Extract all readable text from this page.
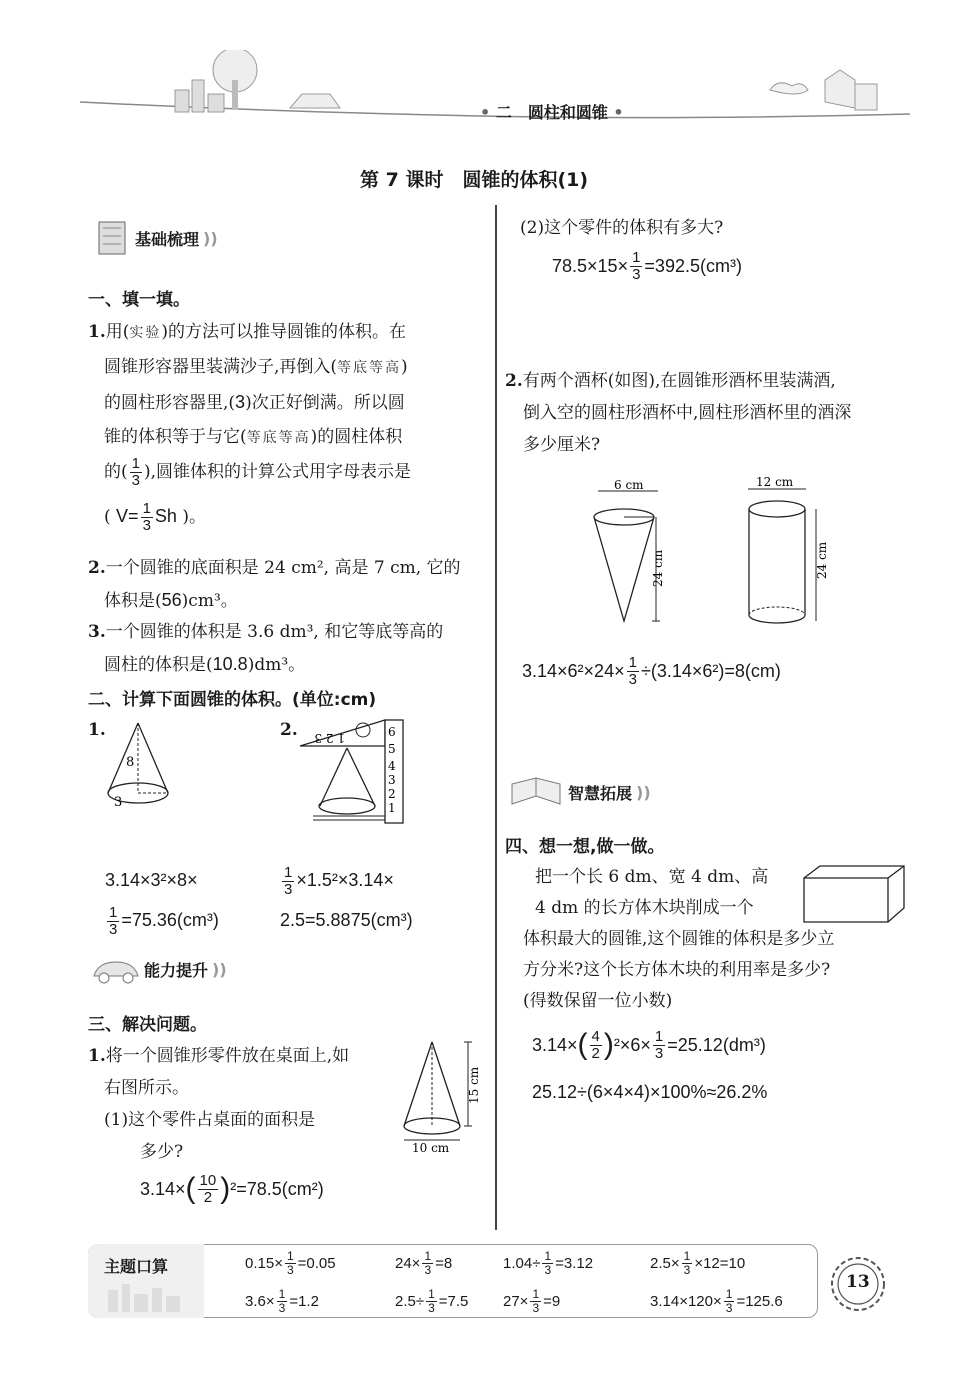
• 二　圆柱和圆锥 •
第 7 课时　圆锥的体积(1)
基础梳理 ))
一、填一填。
1.用(实验)的方法可以推导圆锥的体积。在
圆锥形容器里装满沙子,再倒入(等底等高)
的圆柱形容器里,(3)次正好倒满。所以圆
锥的体积等于与它(等底等高)的圆柱体积
的( $\frac{1}{3}$ ),圆锥体积的计算公式用字母表示是
( $V= \frac{1}{3}$ Sh )。
2.一个圆锥的底面积是 24 cm², 高是 7 cm, 它的
体积是(56)cm³。
3.一个圆锥的体积是 3.6 dm³, 和它等底等高的
圆柱的体积是(10.8)dm³。
二、计算下面圆锥的体积。(单位:cm)
1.
8
3
2. 1 2 3	6
5
4
3
2
1
3.14×3²×8×
$\frac{1}{3} =75.36(cm^3)$
$\frac{1}{3} \times 1.5^2\times 3.14\times$
2.5=5.8875(cm³)
能力提升 ))
三、解决问题。
1.将一个圆锥形零件放在桌面上,如
右图所示。
(1)这个零件占桌面的面积是
多少?
15 cm
10 cm
3.14× ( $\frac{10}{2}$ ) ²=78.5(cm²)
(2)这个零件的体积有多大?
$78.5\times 15\times \frac{1}{3} =392.5(cm^3)$
2.有两个酒杯(如图),在圆锥形酒杯里装满酒,
倒入空的圆柱形酒杯中,圆柱形酒杯里的酒深
多少厘米?
6 cm
24 cm
12 cm
24 cm
$3.14\times 6^2\times 24\times \frac{1}{3} \div(3.14\times 6^2)=8(cm)$
智慧拓展 ))
四、想一想,做一做。
把一个长 6 dm、宽 4 dm、高
4 dm 的长方体木块削成一个
体积最大的圆锥,这个圆锥的体积是多少立
方分米?这个长方体木块的利用率是多少?
(得数保留一位小数)
3.14× ( $\frac{4}{2}$ ) $^2\times 6\times \frac{1}{3} =25.12(dm^3)$
25.12÷(6×4×4)×100%≈26.2%
主题口算	$0.15\times \frac{1}{3} =0.05$	$24\times \frac{1}{3} =8$	$1.04\div \frac{1}{3} =3.12$	$2.5\times \frac{1}{3} \times 12=10$
$3.6\times \frac{1}{3} =1.2$	$2.5\div \frac{1}{3} =7.5$ $27\times \frac{1}{3} =9$	$3.14\times 120\times \frac{1}{3} =125.6$
13
